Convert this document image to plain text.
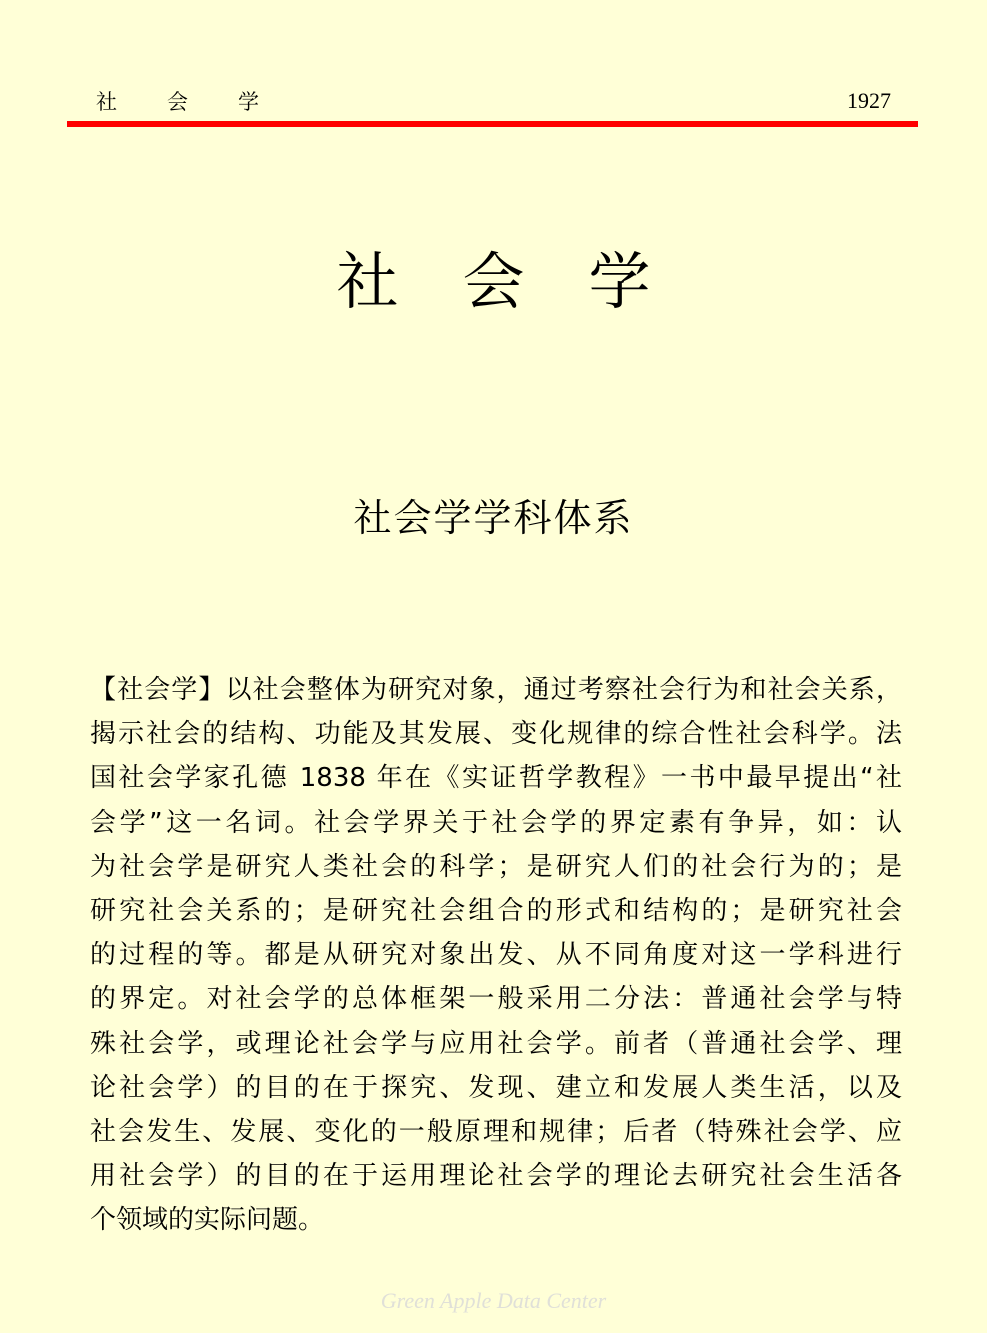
社 会 学	1927
社 会 学
社会学学科体系
【社会学】以社会整体为研究对象，通过考察社会行为和社会关系，
揭示社会的结构、功能及其发展、变化规律的综合性社会科学。法
国社会学家孔德 1838 年在《实证哲学教程》一书中最早提出“社
会学”这一名词。社会学界关于社会学的界定素有争异，如：认
为社会学是研究人类社会的科学；是研究人们的社会行为的；是
研究社会关系的；是研究社会组合的形式和结构的；是研究社会
的过程的等。都是从研究对象出发、从不同角度对这一学科进行
的界定。对社会学的总体框架一般采用二分法：普通社会学与特
殊社会学，或理论社会学与应用社会学。前者（普通社会学、理
论社会学）的目的在于探究、发现、建立和发展人类生活，以及
社会发生、发展、变化的一般原理和规律；后者（特殊社会学、应
用社会学）的目的在于运用理论社会学的理论去研究社会生活各
个领域的实际问题。
Green Apple Data Center
